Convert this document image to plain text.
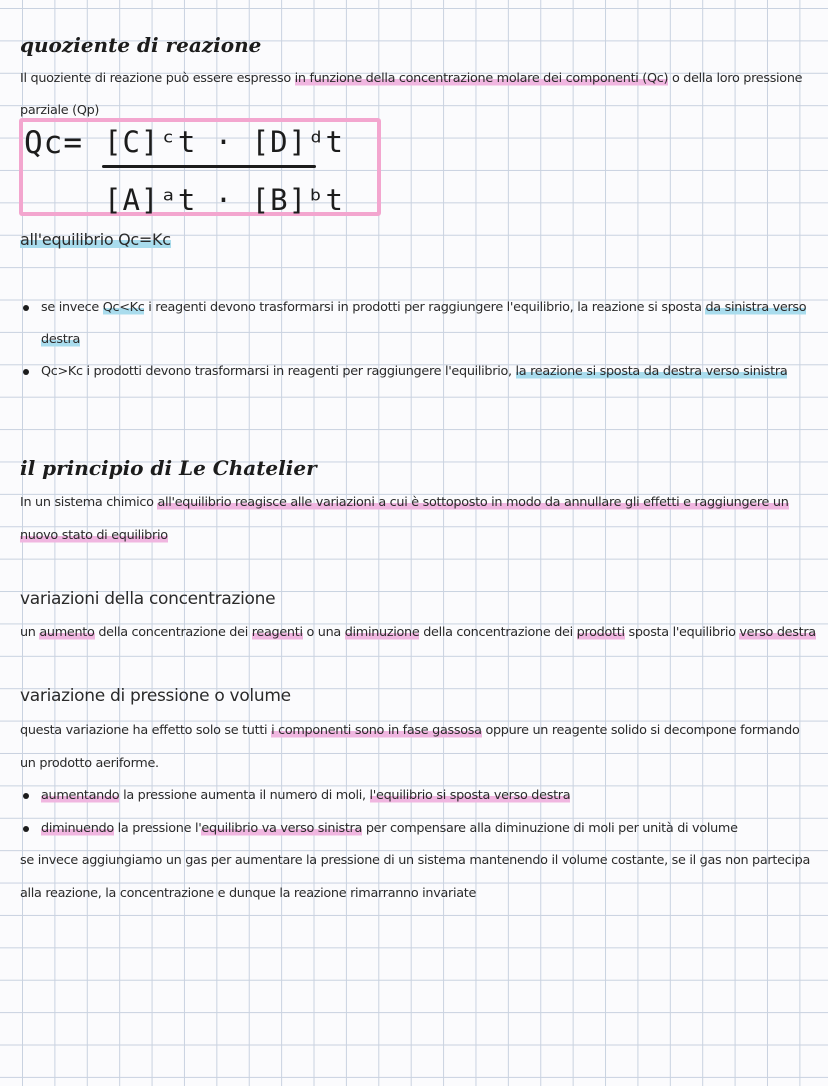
quoziente di reazione
Il quoziente di reazione può essere espresso in funzione della concentrazione molare dei componenti (Qc) o della loro pressione
parziale (Qp)
Qc= [C]ᶜt · [D]ᵈt
[A]ᵃt · [B]ᵇt
all'equilibrio Qc=Kc
se invece Qc<Kc i reagenti devono trasformarsi in prodotti per raggiungere l'equilibrio, la reazione si sposta da sinistra verso
destra
Qc>Kc i prodotti devono trasformarsi in reagenti per raggiungere l'equilibrio, la reazione si sposta da destra verso sinistra
il principio di Le Chatelier
In un sistema chimico all'equilibrio reagisce alle variazioni a cui è sottoposto in modo da annullare gli effetti e raggiungere un
nuovo stato di equilibrio
variazioni della concentrazione
un aumento della concentrazione dei reagenti o una diminuzione della concentrazione dei prodotti sposta l'equilibrio verso destra
variazione di pressione o volume
questa variazione ha effetto solo se tutti i componenti sono in fase gassosa oppure un reagente solido si decompone formando
un prodotto aeriforme.
aumentando la pressione aumenta il numero di moli, l'equilibrio si sposta verso destra
diminuendo la pressione l'equilibrio va verso sinistra per compensare alla diminuzione di moli per unità di volume
se invece aggiungiamo un gas per aumentare la pressione di un sistema mantenendo il volume costante, se il gas non partecipa
alla reazione, la concentrazione e dunque la reazione rimarranno invariate
